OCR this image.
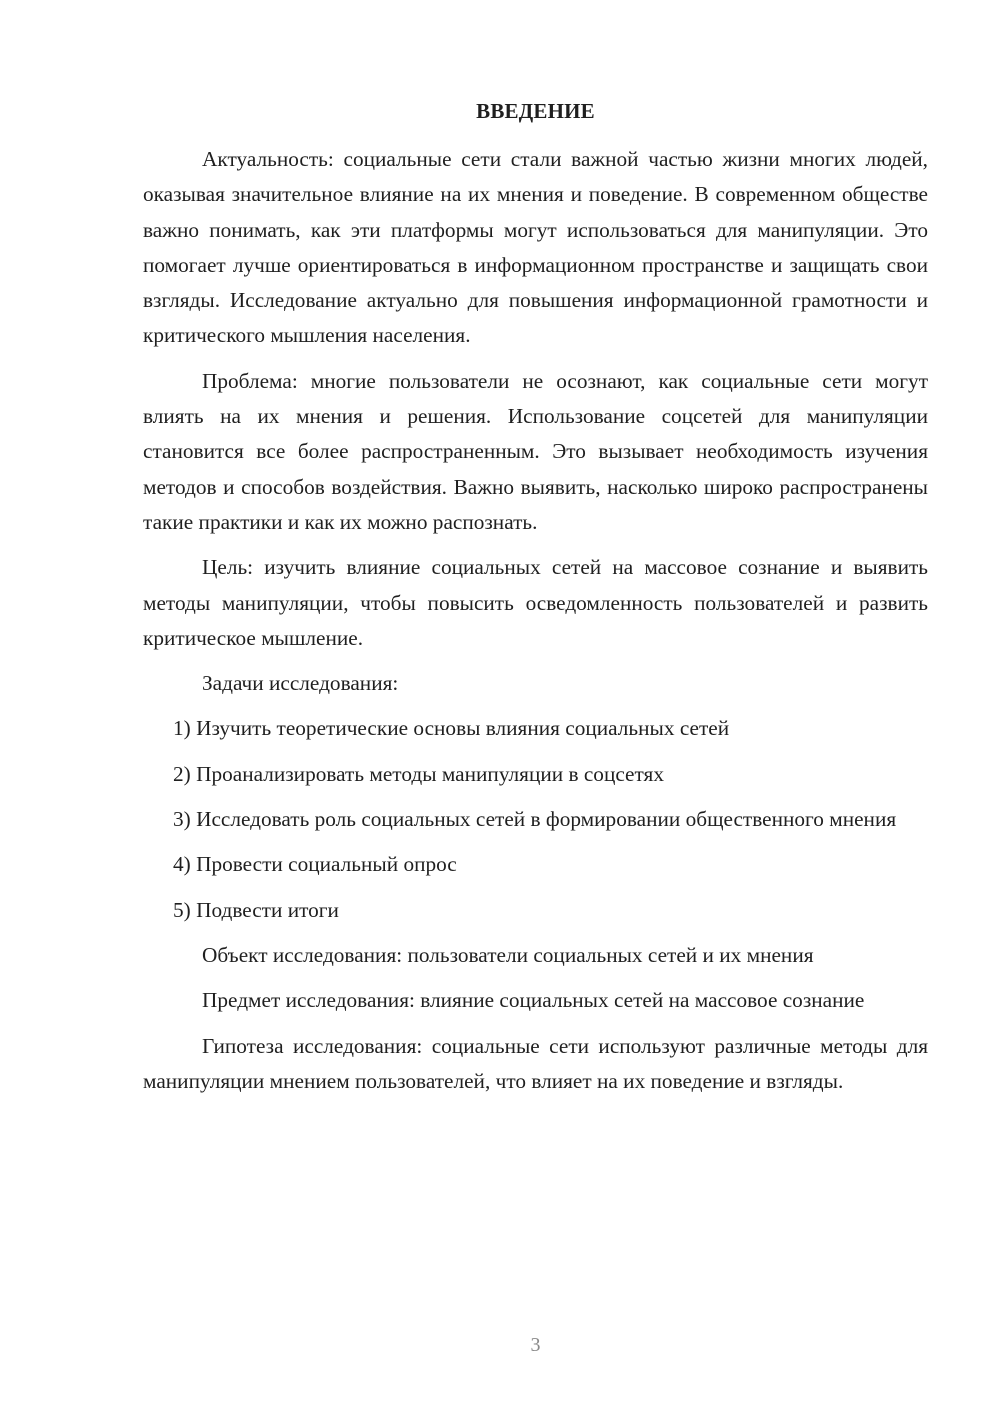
ВВЕДЕНИЕ

Актуальность: социальные сети стали важной частью жизни многих людей, оказывая значительное влияние на их мнения и поведение. В современном обществе важно понимать, как эти платформы могут использоваться для манипуляции. Это помогает лучше ориентироваться в информационном пространстве и защищать свои взгляды. Исследование актуально для повышения информационной грамотности и критического мышления населения.

Проблема: многие пользователи не осознают, как социальные сети могут влиять на их мнения и решения. Использование соцсетей для манипуляции становится все более распространенным. Это вызывает необходимость изучения методов и способов воздействия. Важно выявить, насколько широко распространены такие практики и как их можно распознать.

Цель: изучить влияние социальных сетей на массовое сознание и выявить методы манипуляции, чтобы повысить осведомленность пользователей и развить критическое мышление.

Задачи исследования:

1) Изучить теоретические основы влияния социальных сетей

2) Проанализировать методы манипуляции в соцсетях

3) Исследовать роль социальных сетей в формировании общественного мнения

4) Провести социальный опрос

5) Подвести итоги

Объект исследования: пользователи социальных сетей и их мнения

Предмет исследования: влияние социальных сетей на массовое сознание

Гипотеза исследования: социальные сети используют различные методы для манипуляции мнением пользователей, что влияет на их поведение и взгляды.

3
